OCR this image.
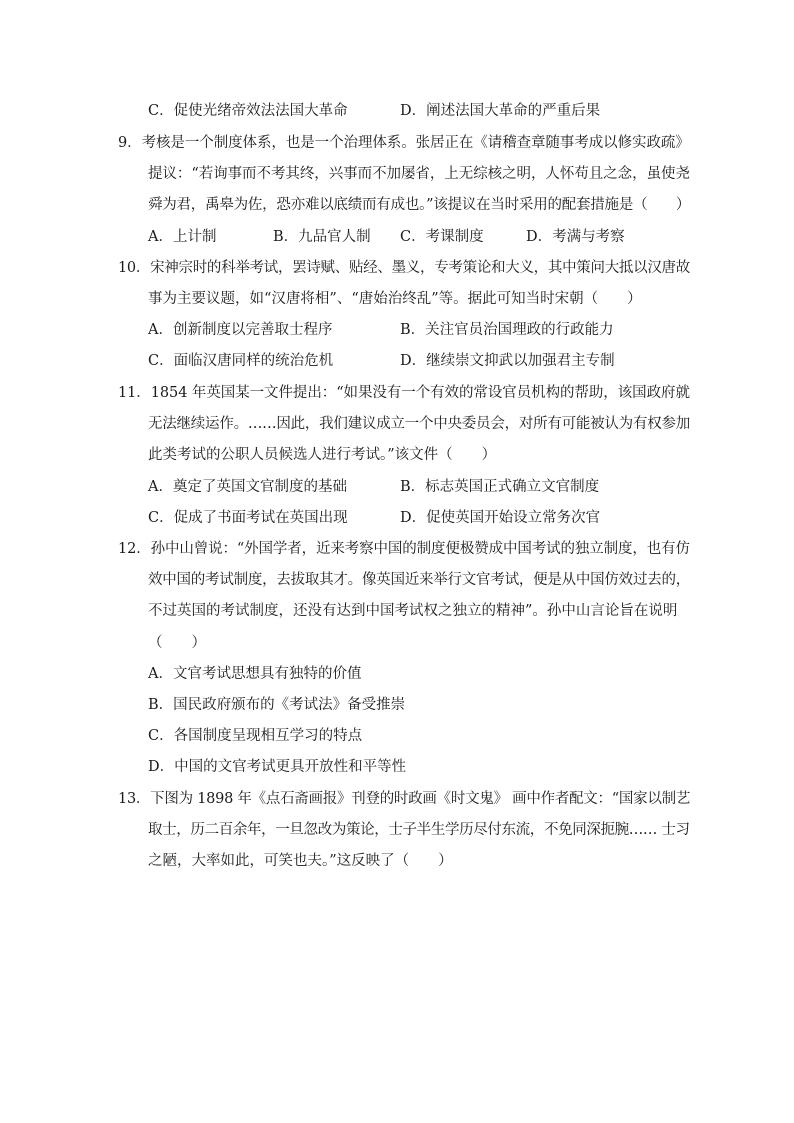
C．促使光绪帝效法法国大革命	D．阐述法国大革命的严重后果
9．考核是一个制度体系，也是一个治理体系。张居正在《请稽查章随事考成以修实政疏》
提议：“若询事而不考其终，兴事而不加屡省，上无综核之明，人怀苟且之念，虽使尧
舜为君，禹皋为佐，恐亦难以底绩而有成也。”该提议在当时采用的配套措施是（　　）
A．上计制	B．九品官人制 C．考课制度	D．考满与考察
10．宋神宗时的科举考试，罢诗赋、贴经、墨义，专考策论和大义，其中策问大抵以汉唐故
事为主要议题，如“汉唐将相”、“唐始治终乱”等。据此可知当时宋朝（　　）
A．创新制度以完善取士程序	B．关注官员治国理政的行政能力
C．面临汉唐同样的统治危机	D．继续崇文抑武以加强君主专制
11．1854 年英国某一文件提出：“如果没有一个有效的常设官员机构的帮助，该国政府就
无法继续运作。……因此，我们建议成立一个中央委员会，对所有可能被认为有权参加
此类考试的公职人员候选人进行考试。”该文件（　　）
A．奠定了英国文官制度的基础	B．标志英国正式确立文官制度
C．促成了书面考试在英国出现	D．促使英国开始设立常务次官
12．孙中山曾说：“外国学者，近来考察中国的制度便极赞成中国考试的独立制度，也有仿
效中国的考试制度，去拔取其才。像英国近来举行文官考试，便是从中国仿效过去的，
不过英国的考试制度，还没有达到中国考试权之独立的精神”。孙中山言论旨在说明
（　　）
A．文官考试思想具有独特的价值
B．国民政府颁布的《考试法》备受推崇
C．各国制度呈现相互学习的特点
D．中国的文官考试更具开放性和平等性
13．下图为 1898 年《点石斋画报》刊登的时政画《时文鬼》 画中作者配文：“国家以制艺
取士，历二百余年，一旦忽改为策论，士子半生学历尽付东流，不免同深扼腕…… 士习
之陋，大率如此，可笑也夫。”这反映了（　　）
